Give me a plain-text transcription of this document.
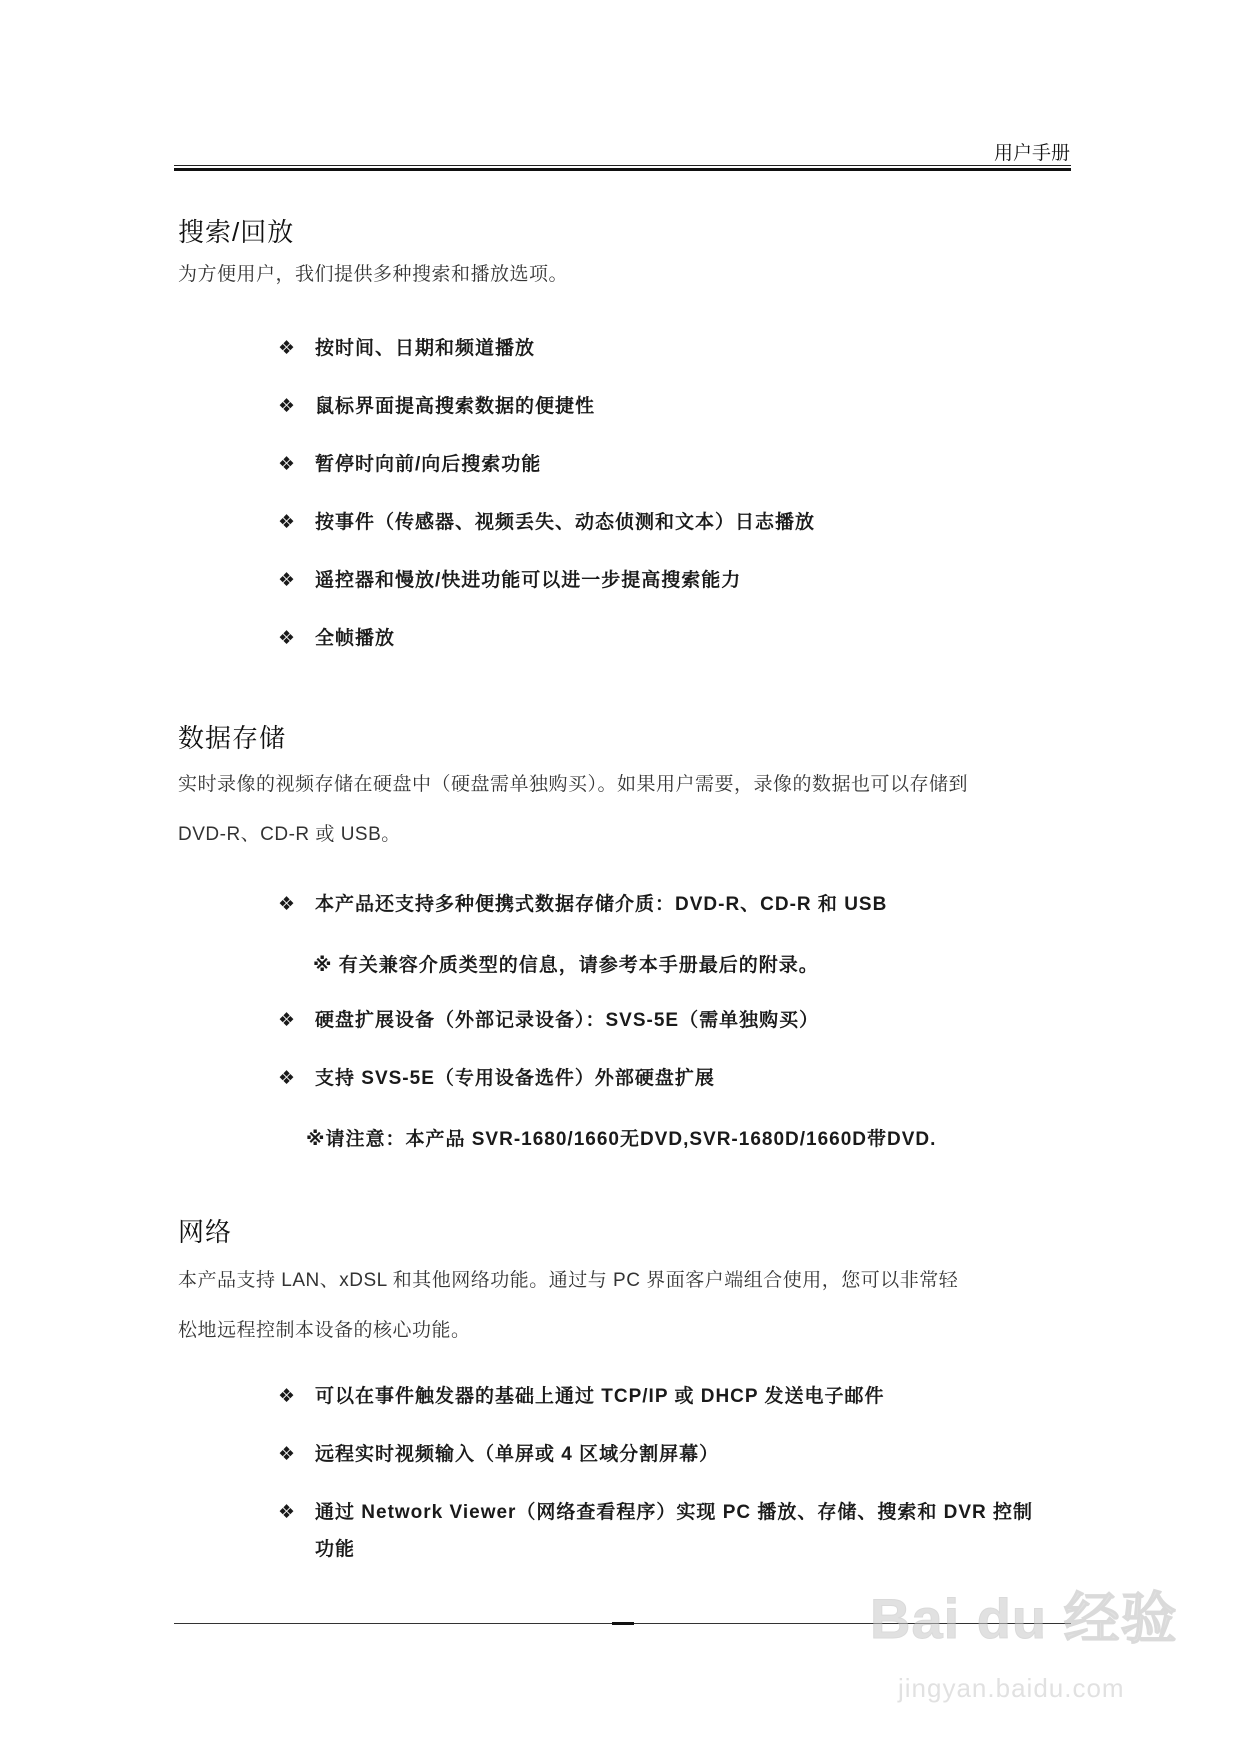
用户手册
搜索/回放
为方便用户，我们提供多种搜索和播放选项。
❖ 按时间、日期和频道播放
❖ 鼠标界面提高搜索数据的便捷性
❖ 暂停时向前/向后搜索功能
❖ 按事件（传感器、视频丢失、动态侦测和文本）日志播放
❖ 遥控器和慢放/快进功能可以进一步提高搜索能力
❖ 全帧播放
数据存储
实时录像的视频存储在硬盘中（硬盘需单独购买）。如果用户需要，录像的数据也可以存储到
DVD-R、CD-R 或 USB。
❖ 本产品还支持多种便携式数据存储介质：DVD-R、CD-R 和 USB
※ 有关兼容介质类型的信息，请参考本手册最后的附录。
❖ 硬盘扩展设备（外部记录设备）：SVS-5E（需单独购买）
❖ 支持 SVS-5E（专用设备选件）外部硬盘扩展
※请注意：本产品 SVR-1680/1660无DVD,SVR-1680D/1660D带DVD.
网络
本产品支持 LAN、xDSL 和其他网络功能。通过与 PC 界面客户端组合使用，您可以非常轻
松地远程控制本设备的核心功能。
❖ 可以在事件触发器的基础上通过 TCP/IP 或 DHCP 发送电子邮件
❖ 远程实时视频输入（单屏或 4 区域分割屏幕）
❖ 通过 Network Viewer（网络查看程序）实现 PC 播放、存储、搜索和 DVR 控制功能
Bai du 经验
jingyan.baidu.com
